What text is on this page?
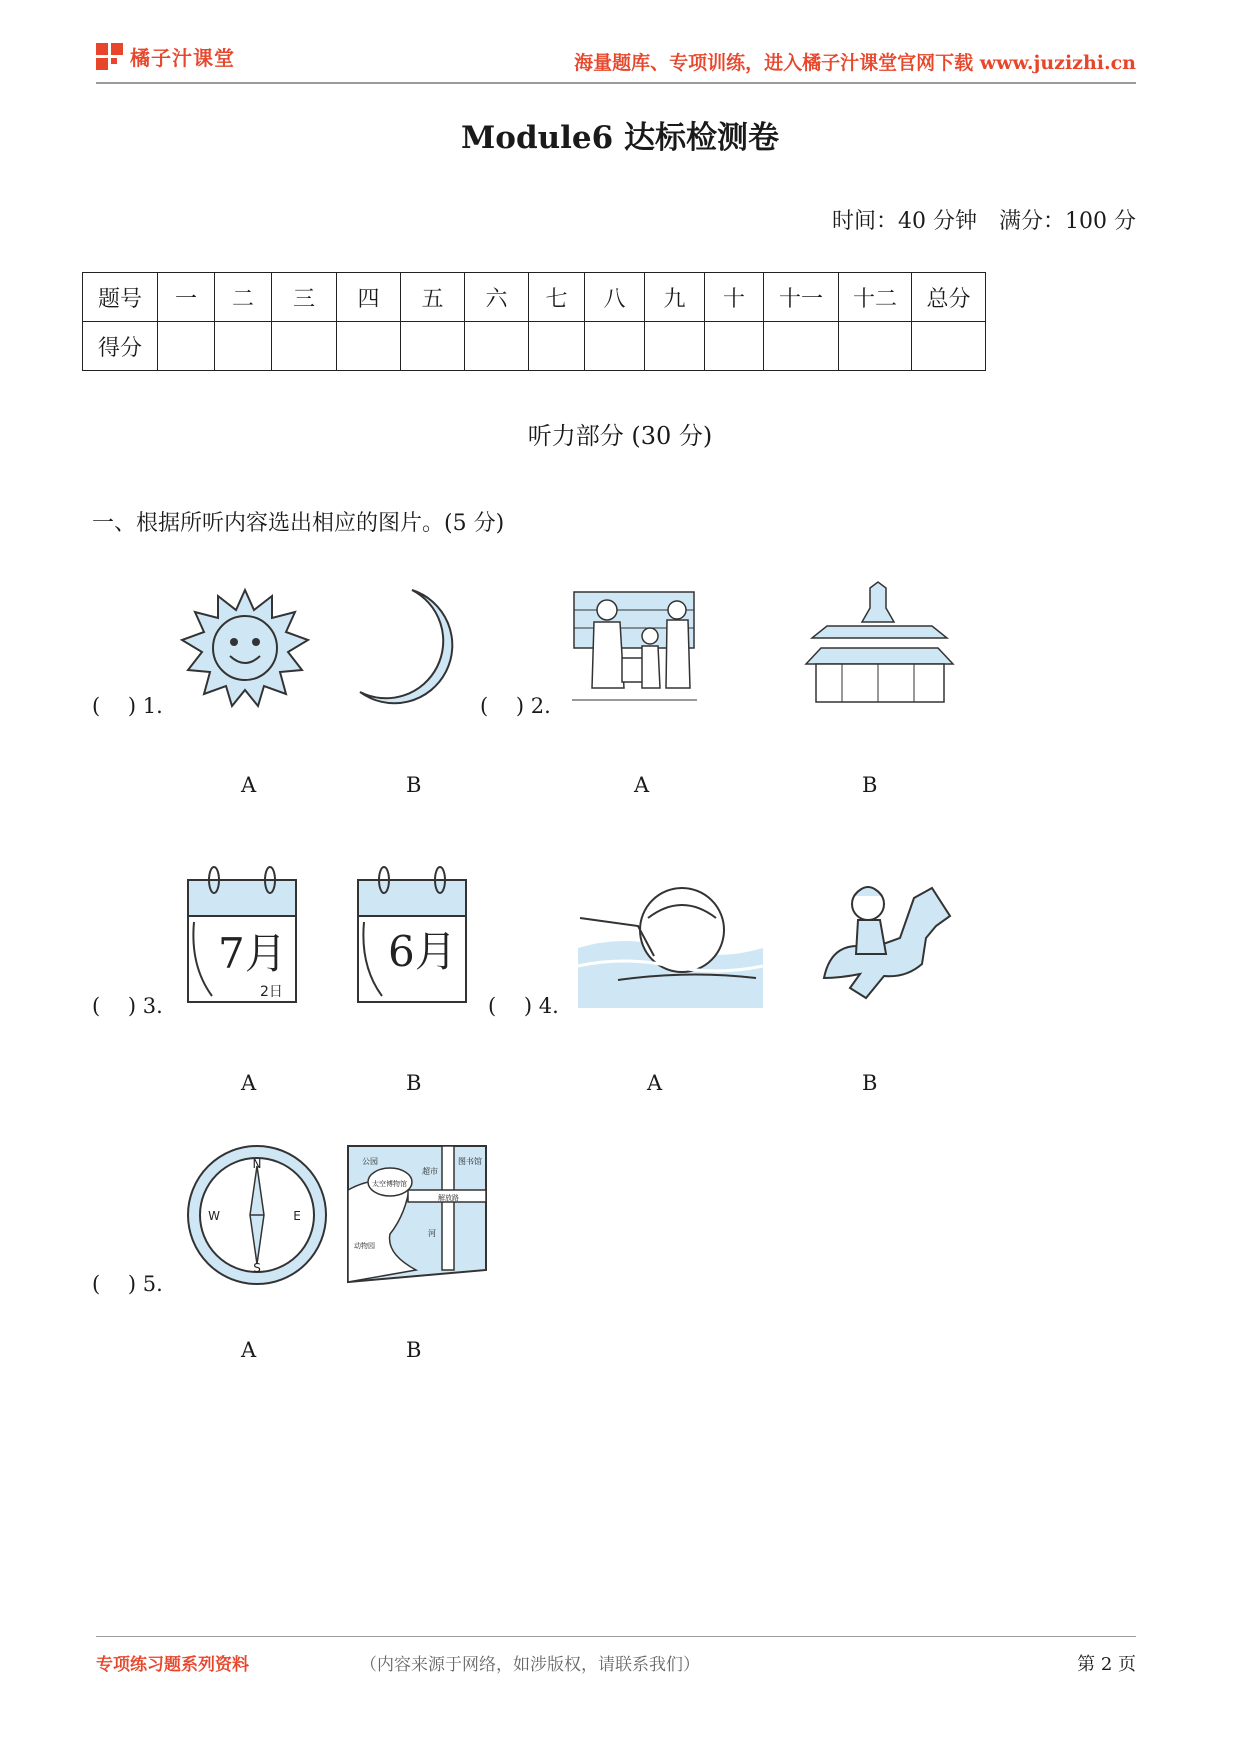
橘子汁课堂	海量题库、专项训练，进入橘子汁课堂官网下载 www.juzizhi.cn
Module6 达标检测卷
时间：40 分钟　满分：100 分
题号	一	二	三	四	五	六	七	八	九	十	十一	十二	总分
得分													
听力部分 (30 分)
一、根据所听内容选出相应的图片。(5 分)
(　 ) 1.
A	B
(　 ) 2.
A	B
(　 ) 3.
7月
2日
6月
A	B
(　 ) 4.
A	B
(　 ) 5.
N
S
E
W
公园
超市
图书馆
太空博物馆
解放路
河
动物园
A	B
专项练习题系列资料	（内容来源于网络，如涉版权，请联系我们）	第 2 页
